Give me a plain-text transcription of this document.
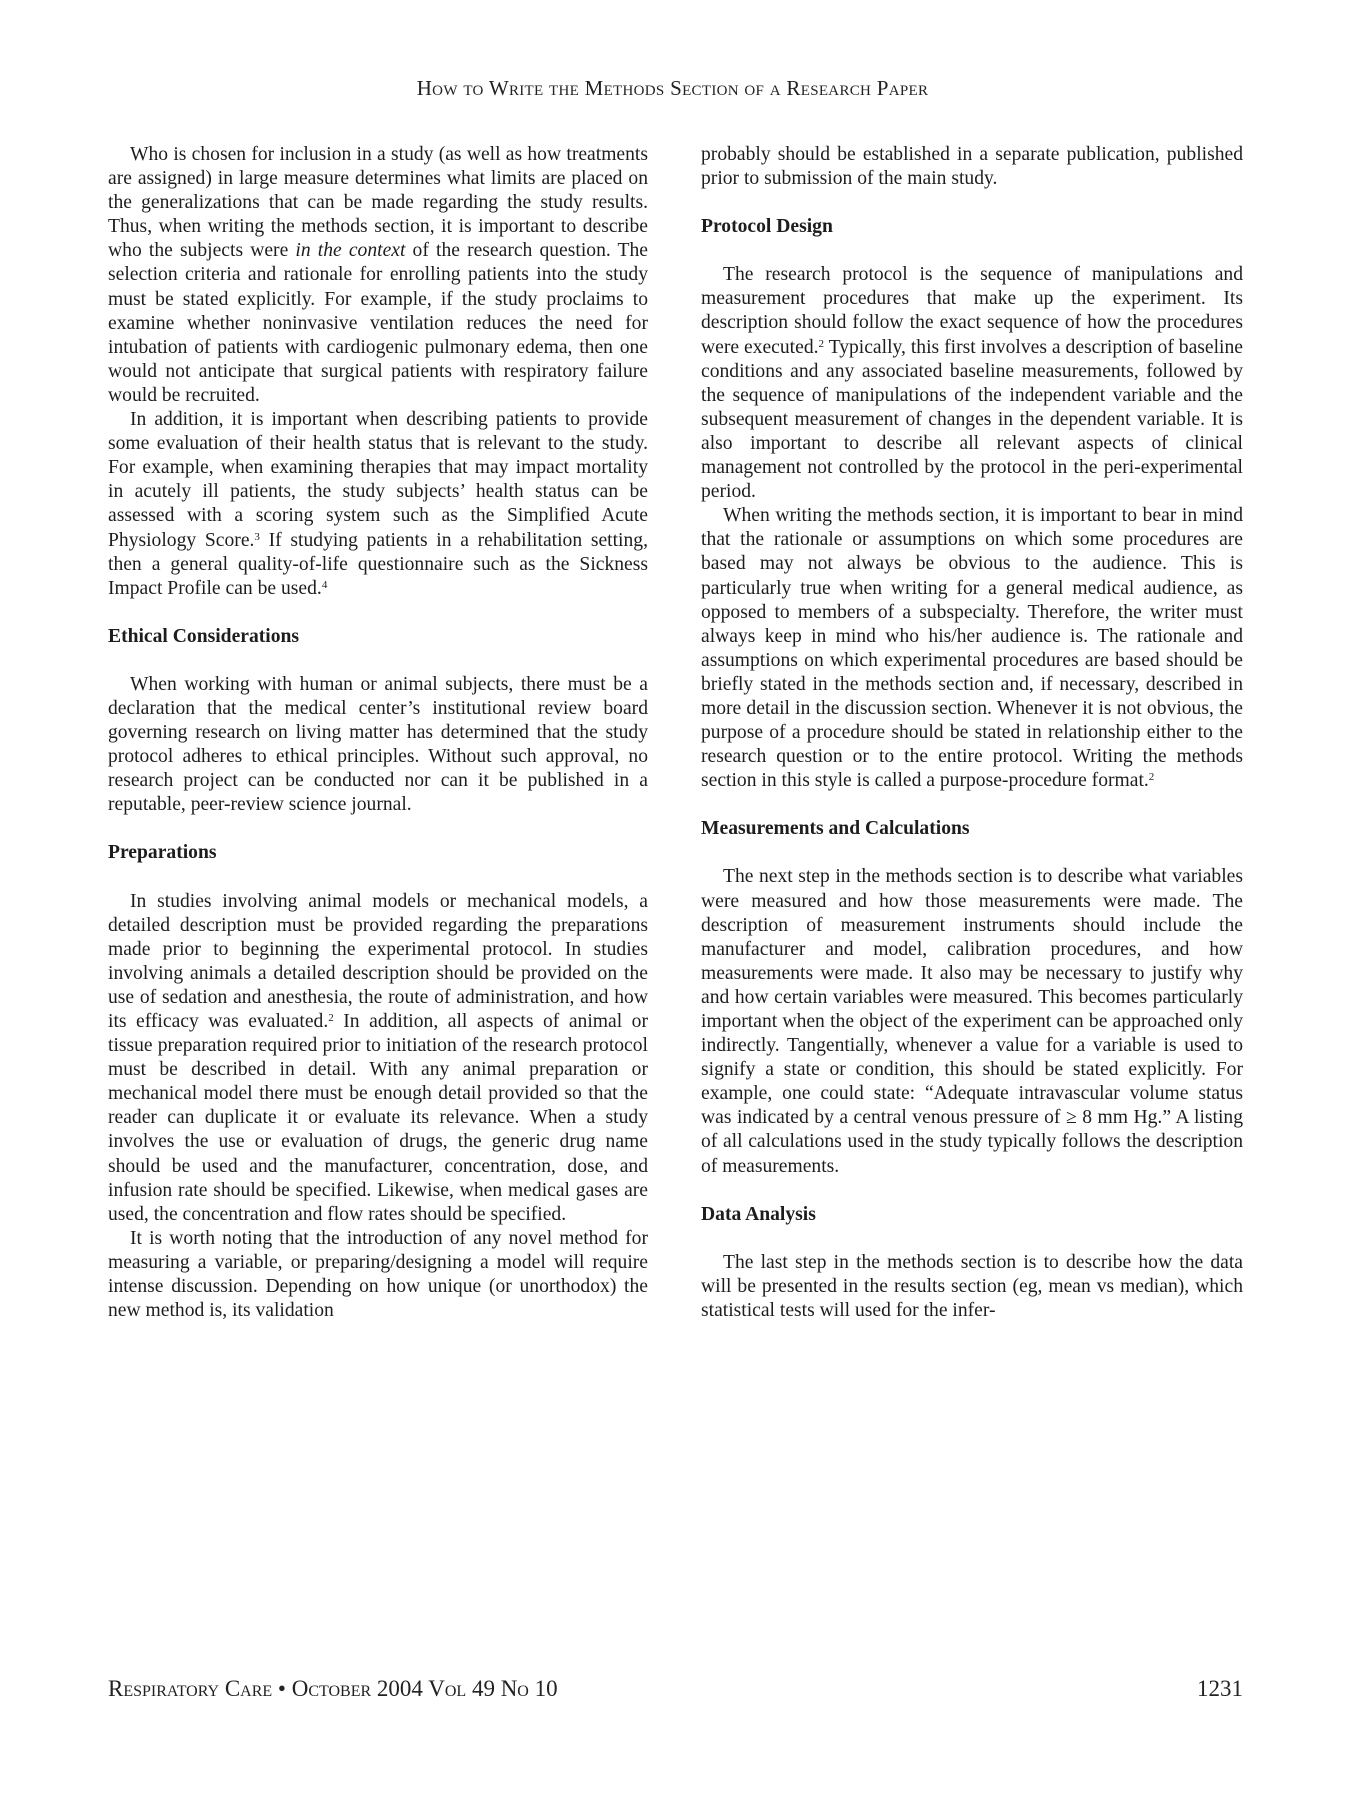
How to Write the Methods Section of a Research Paper

Who is chosen for inclusion in a study (as well as how treatments are assigned) in large measure determines what limits are placed on the generalizations that can be made regarding the study results. Thus, when writing the methods section, it is important to describe who the subjects were in the context of the research question. The selection criteria and rationale for enrolling patients into the study must be stated explicitly. For example, if the study proclaims to examine whether noninvasive ventilation reduces the need for intubation of patients with cardiogenic pulmonary edema, then one would not anticipate that surgical patients with respiratory failure would be recruited.

In addition, it is important when describing patients to provide some evaluation of their health status that is relevant to the study. For example, when examining therapies that may impact mortality in acutely ill patients, the study subjects’ health status can be assessed with a scoring system such as the Simplified Acute Physiology Score.$^3$ If studying patients in a rehabilitation setting, then a general quality-of-life questionnaire such as the Sickness Impact Profile can be used.$^4$

Ethical Considerations

When working with human or animal subjects, there must be a declaration that the medical center’s institutional review board governing research on living matter has determined that the study protocol adheres to ethical principles. Without such approval, no research project can be conducted nor can it be published in a reputable, peer-review science journal.

Preparations

In studies involving animal models or mechanical models, a detailed description must be provided regarding the preparations made prior to beginning the experimental protocol. In studies involving animals a detailed description should be provided on the use of sedation and anesthesia, the route of administration, and how its efficacy was evaluated.$^2$ In addition, all aspects of animal or tissue preparation required prior to initiation of the research protocol must be described in detail. With any animal preparation or mechanical model there must be enough detail provided so that the reader can duplicate it or evaluate its relevance. When a study involves the use or evaluation of drugs, the generic drug name should be used and the manufacturer, concentration, dose, and infusion rate should be specified. Likewise, when medical gases are used, the concentration and flow rates should be specified.

It is worth noting that the introduction of any novel method for measuring a variable, or preparing/designing a model will require intense discussion. Depending on how unique (or unorthodox) the new method is, its validation

probably should be established in a separate publication, published prior to submission of the main study.

Protocol Design

The research protocol is the sequence of manipulations and measurement procedures that make up the experiment. Its description should follow the exact sequence of how the procedures were executed.$^2$ Typically, this first involves a description of baseline conditions and any associated baseline measurements, followed by the sequence of manipulations of the independent variable and the subsequent measurement of changes in the dependent variable. It is also important to describe all relevant aspects of clinical management not controlled by the protocol in the peri-experimental period.

When writing the methods section, it is important to bear in mind that the rationale or assumptions on which some procedures are based may not always be obvious to the audience. This is particularly true when writing for a general medical audience, as opposed to members of a subspecialty. Therefore, the writer must always keep in mind who his/her audience is. The rationale and assumptions on which experimental procedures are based should be briefly stated in the methods section and, if necessary, described in more detail in the discussion section. Whenever it is not obvious, the purpose of a procedure should be stated in relationship either to the research question or to the entire protocol. Writing the methods section in this style is called a purpose-procedure format.$^2$

Measurements and Calculations

The next step in the methods section is to describe what variables were measured and how those measurements were made. The description of measurement instruments should include the manufacturer and model, calibration procedures, and how measurements were made. It also may be necessary to justify why and how certain variables were measured. This becomes particularly important when the object of the experiment can be approached only indirectly. Tangentially, whenever a value for a variable is used to signify a state or condition, this should be stated explicitly. For example, one could state: “Adequate intravascular volume status was indicated by a central venous pressure of ≥ 8 mm Hg.” A listing of all calculations used in the study typically follows the description of measurements.

Data Analysis

The last step in the methods section is to describe how the data will be presented in the results section (eg, mean vs median), which statistical tests will used for the infer-

Respiratory Care • October 2004 Vol 49 No 10	1231
